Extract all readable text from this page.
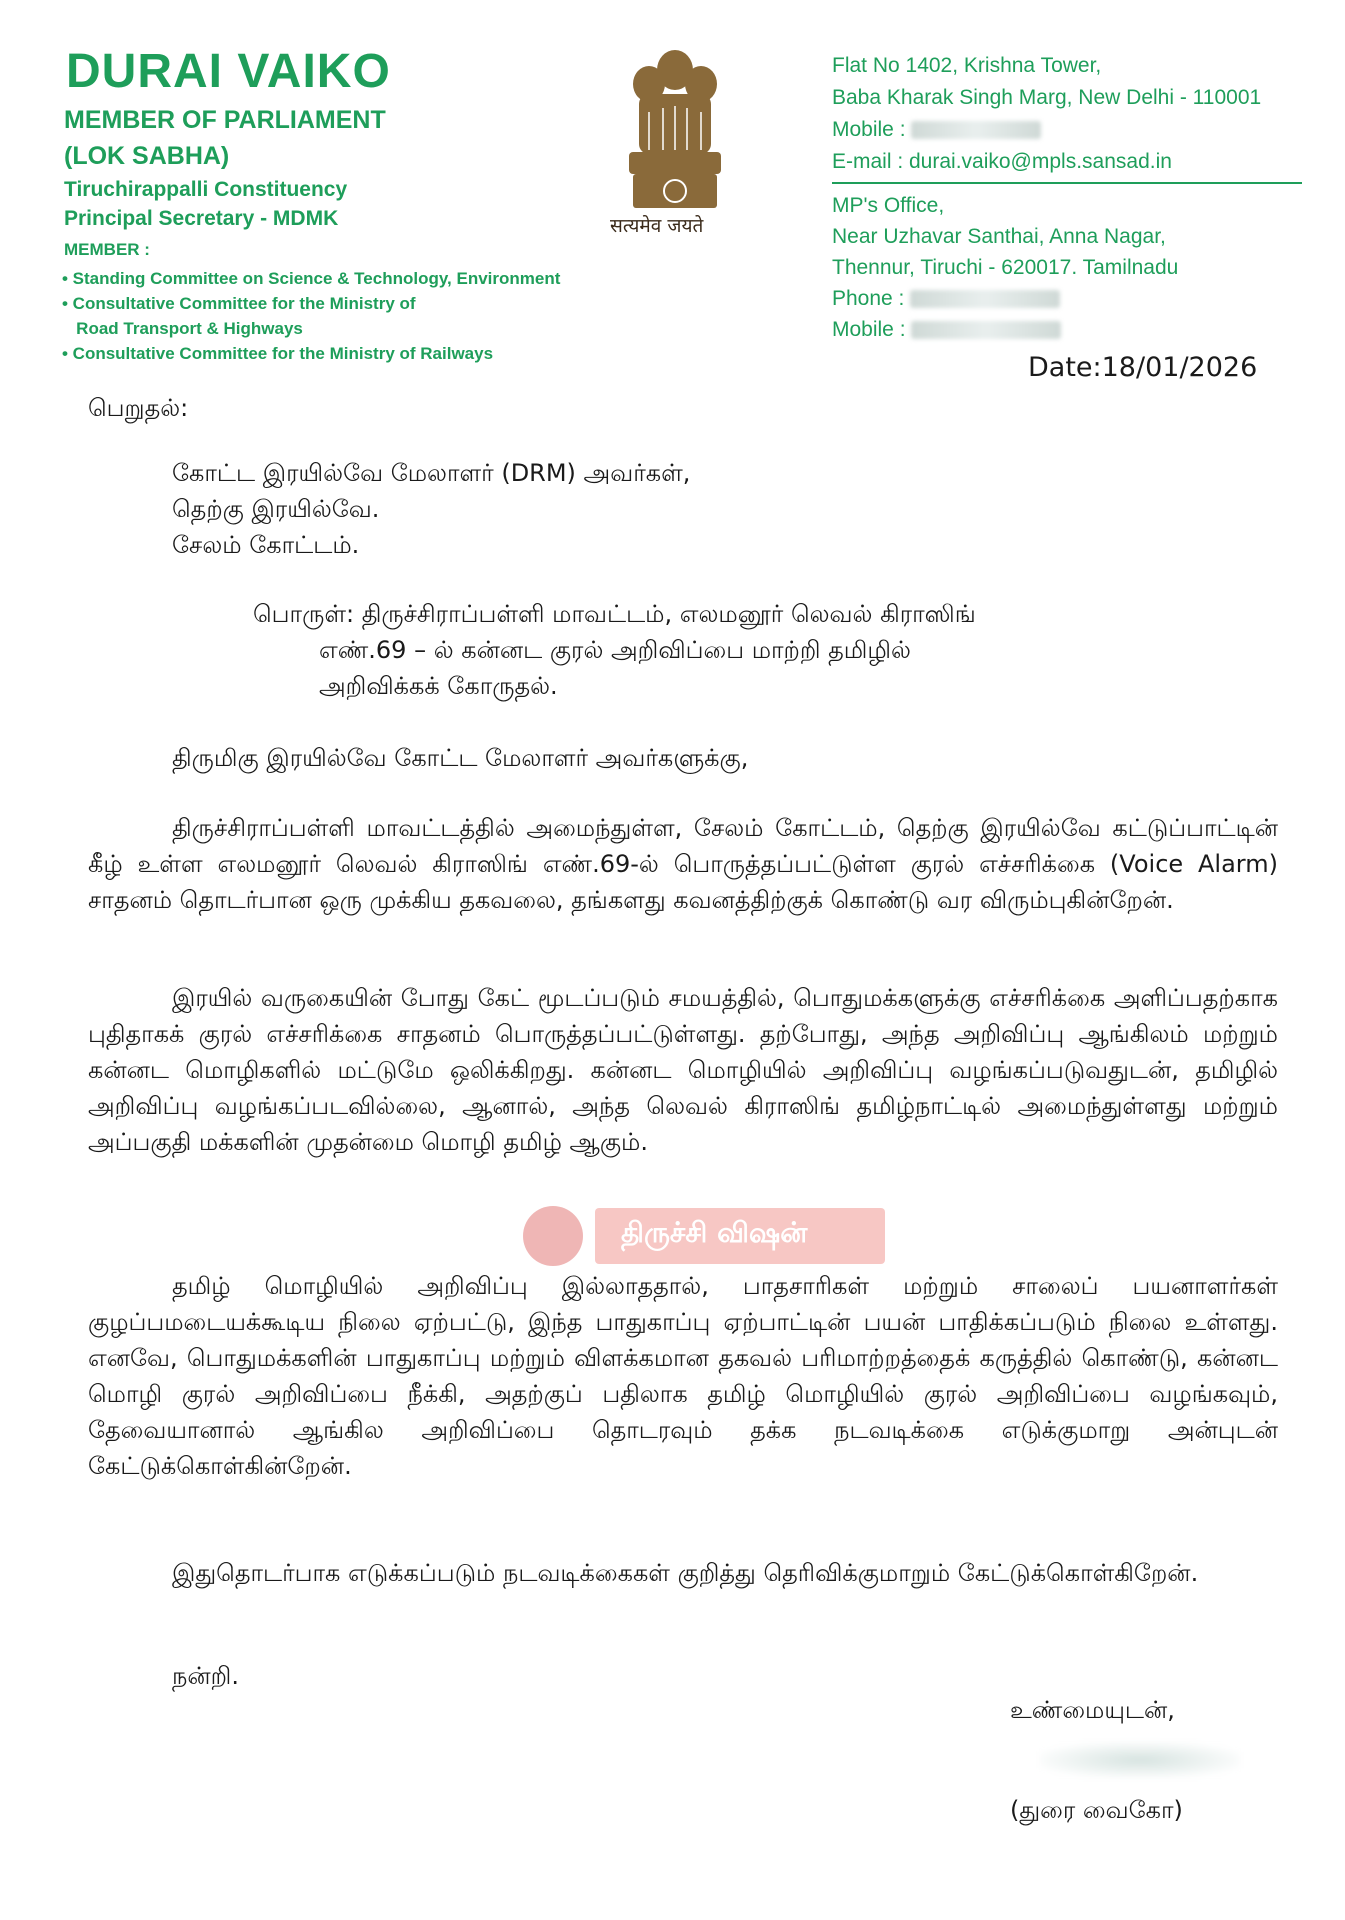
DURAI VAIKO
MEMBER OF PARLIAMENT
(LOK SABHA)
Tiruchirappalli Constituency
Principal Secretary - MDMK
MEMBER :
• Standing Committee on Science & Technology, Environment
• Consultative Committee for the Ministry of
Road Transport & Highways
• Consultative Committee for the Ministry of Railways
सत्यमेव जयते
Flat No 1402, Krishna Tower,
Baba Kharak Singh Marg, New Delhi - 110001
Mobile :
E-mail : durai.vaiko@mpls.sansad.in
MP's Office,
Near Uzhavar Santhai, Anna Nagar,
Thennur, Tiruchi - 620017. Tamilnadu
Phone :
Mobile :
Date:18/01/2026
பெறுதல்:
கோட்ட இரயில்வே மேலாளர் (DRM) அவர்கள்,
தெற்கு இரயில்வே.
சேலம் கோட்டம்.
பொருள்: திருச்சிராப்பள்ளி மாவட்டம், எலமனூர் லெவல் கிராஸிங்
எண்.69 – ல் கன்னட குரல் அறிவிப்பை மாற்றி தமிழில்
அறிவிக்கக் கோருதல்.
திருமிகு இரயில்வே கோட்ட மேலாளர் அவர்களுக்கு,
திருச்சிராப்பள்ளி மாவட்டத்தில் அமைந்துள்ள, சேலம் கோட்டம், தெற்கு இரயில்வே கட்டுப்பாட்டின் கீழ் உள்ள எலமனூர் லெவல் கிராஸிங் எண்.69-ல் பொருத்தப்பட்டுள்ள குரல் எச்சரிக்கை (Voice Alarm) சாதனம் தொடர்பான ஒரு முக்கிய தகவலை, தங்களது கவனத்திற்குக் கொண்டு வர விரும்புகின்றேன்.
இரயில் வருகையின் போது கேட் மூடப்படும் சமயத்தில், பொதுமக்களுக்கு எச்சரிக்கை அளிப்பதற்காக புதிதாகக் குரல் எச்சரிக்கை சாதனம் பொருத்தப்பட்டுள்ளது. தற்போது, அந்த அறிவிப்பு ஆங்கிலம் மற்றும் கன்னட மொழிகளில் மட்டுமே ஒலிக்கிறது. கன்னட மொழியில் அறிவிப்பு வழங்கப்படுவதுடன், தமிழில் அறிவிப்பு வழங்கப்படவில்லை, ஆனால், அந்த லெவல் கிராஸிங் தமிழ்நாட்டில் அமைந்துள்ளது மற்றும் அப்பகுதி மக்களின் முதன்மை மொழி தமிழ் ஆகும்.
தமிழ் மொழியில் அறிவிப்பு இல்லாததால், பாதசாரிகள் மற்றும் சாலைப் பயனாளர்கள் குழப்பமடையக்கூடிய நிலை ஏற்பட்டு, இந்த பாதுகாப்பு ஏற்பாட்டின் பயன் பாதிக்கப்படும் நிலை உள்ளது. எனவே, பொதுமக்களின் பாதுகாப்பு மற்றும் விளக்கமான தகவல் பரிமாற்றத்தைக் கருத்தில் கொண்டு, கன்னட மொழி குரல் அறிவிப்பை நீக்கி, அதற்குப் பதிலாக தமிழ் மொழியில் குரல் அறிவிப்பை வழங்கவும், தேவையானால் ஆங்கில அறிவிப்பை தொடரவும் தக்க நடவடிக்கை எடுக்குமாறு அன்புடன் கேட்டுக்கொள்கின்றேன்.
இதுதொடர்பாக எடுக்கப்படும் நடவடிக்கைகள் குறித்து தெரிவிக்குமாறும் கேட்டுக்கொள்கிறேன்.
திருச்சி விஷன்
நன்றி.
உண்மையுடன்,
(துரை வைகோ)
